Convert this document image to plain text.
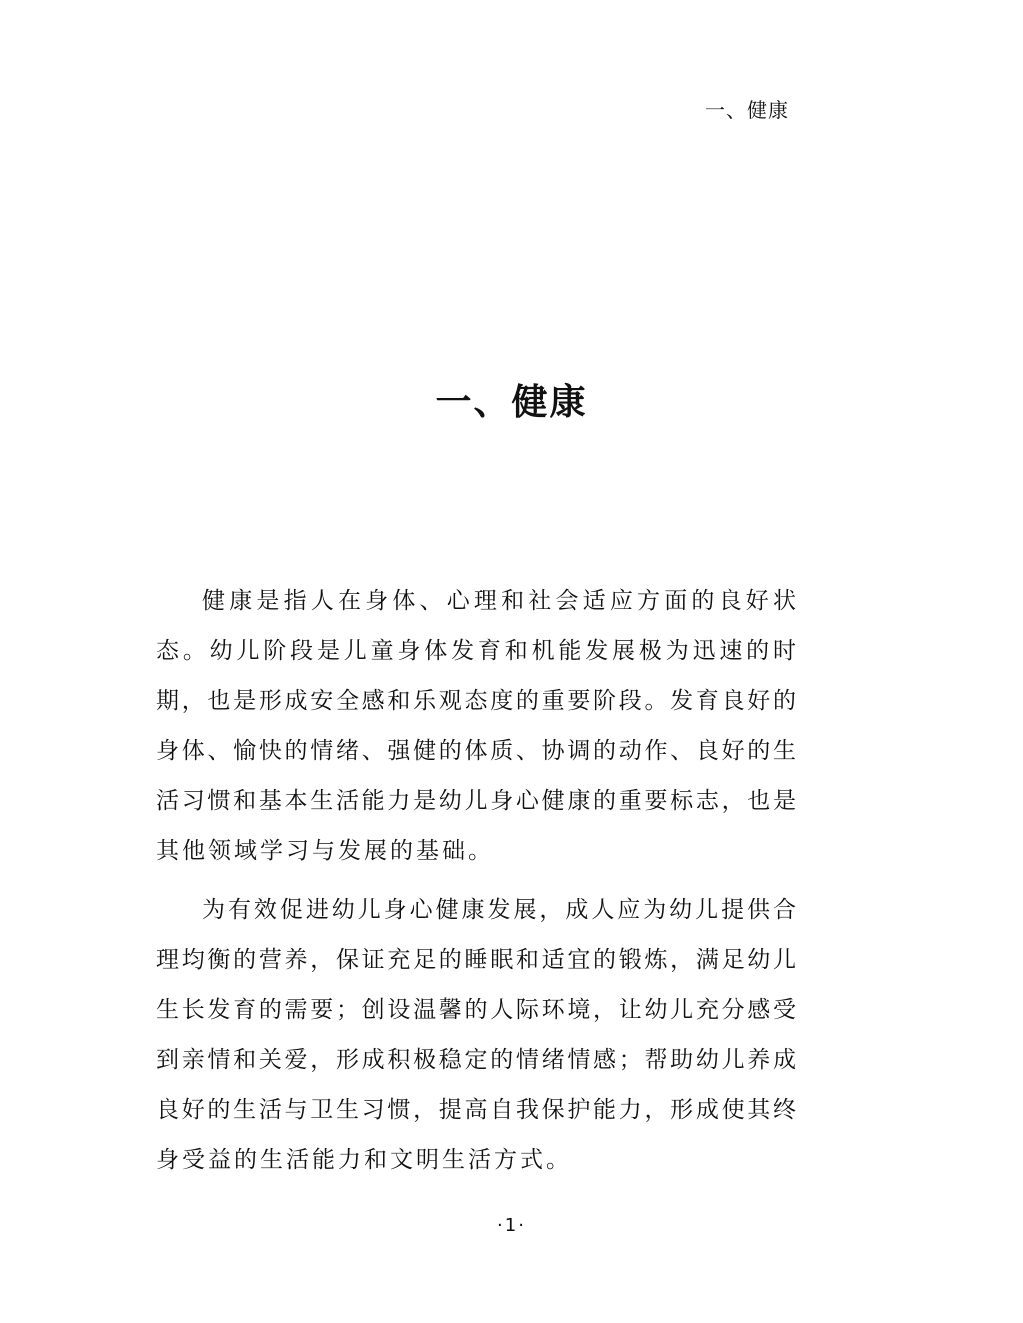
一、健康
一、健康
健康是指人在身体、心理和社会适应方面的良好状
态。幼儿阶段是儿童身体发育和机能发展极为迅速的时
期，也是形成安全感和乐观态度的重要阶段。发育良好的
身体、愉快的情绪、强健的体质、协调的动作、良好的生
活习惯和基本生活能力是幼儿身心健康的重要标志，也是
其他领域学习与发展的基础。
为有效促进幼儿身心健康发展，成人应为幼儿提供合
理均衡的营养，保证充足的睡眠和适宜的锻炼，满足幼儿
生长发育的需要；创设温馨的人际环境，让幼儿充分感受
到亲情和关爱，形成积极稳定的情绪情感；帮助幼儿养成
良好的生活与卫生习惯，提高自我保护能力，形成使其终
身受益的生活能力和文明生活方式。
·1·
